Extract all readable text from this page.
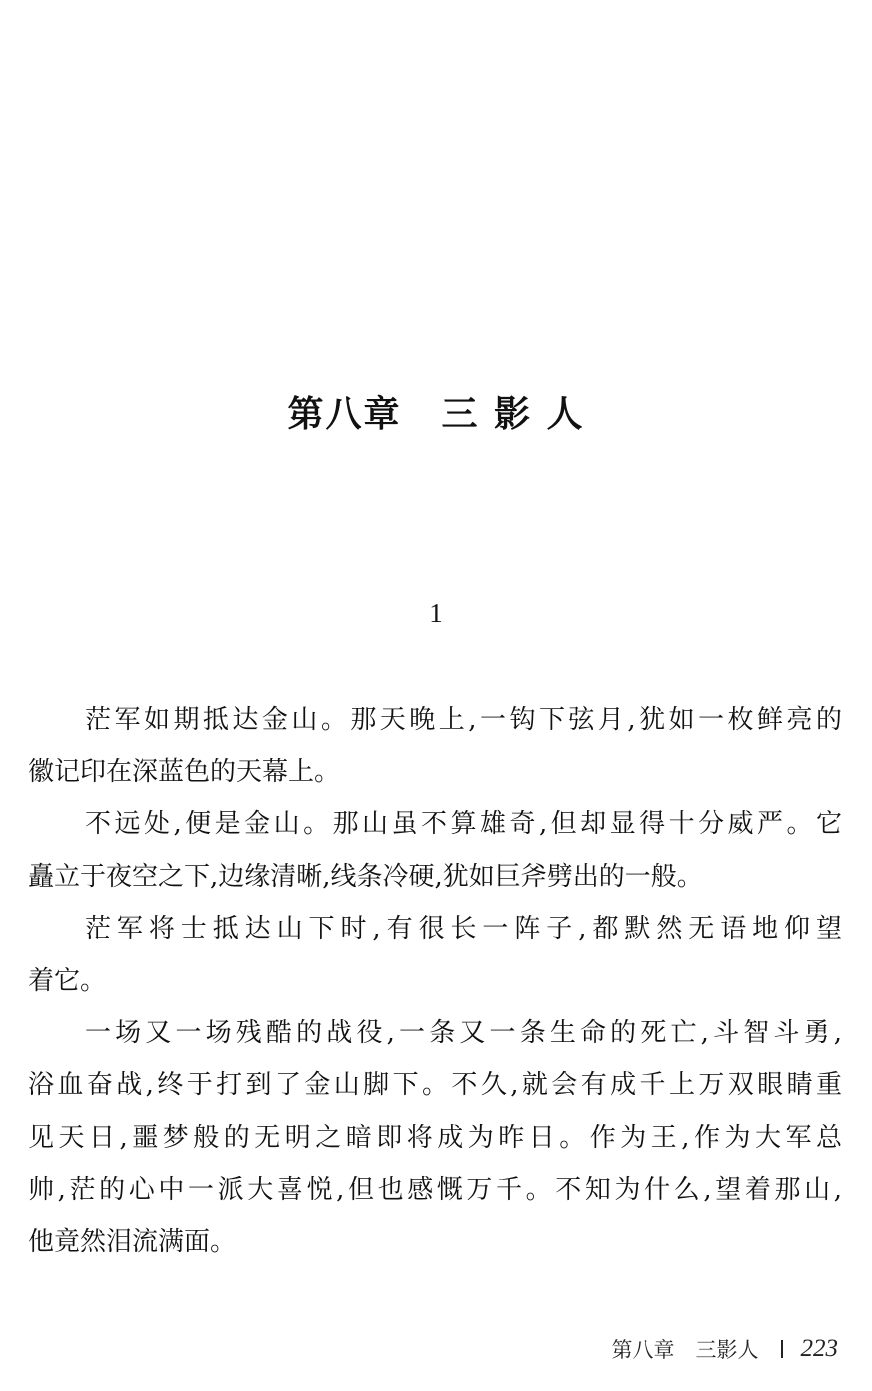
第八章 三 影 人
1
茫军如期抵达金山。那天晚上,一钩下弦月,犹如一枚鲜亮的
徽记印在深蓝色的天幕上。
不远处,便是金山。那山虽不算雄奇,但却显得十分威严。它
矗立于夜空之下,边缘清晰,线条冷硬,犹如巨斧劈出的一般。
茫军将士抵达山下时,有很长一阵子,都默然无语地仰望
着它。
一场又一场残酷的战役,一条又一条生命的死亡,斗智斗勇,
浴血奋战,终于打到了金山脚下。不久,就会有成千上万双眼睛重
见天日,噩梦般的无明之暗即将成为昨日。作为王,作为大军总
帅,茫的心中一派大喜悦,但也感慨万千。不知为什么,望着那山,
他竟然泪流满面。
第八章　三影人 223
